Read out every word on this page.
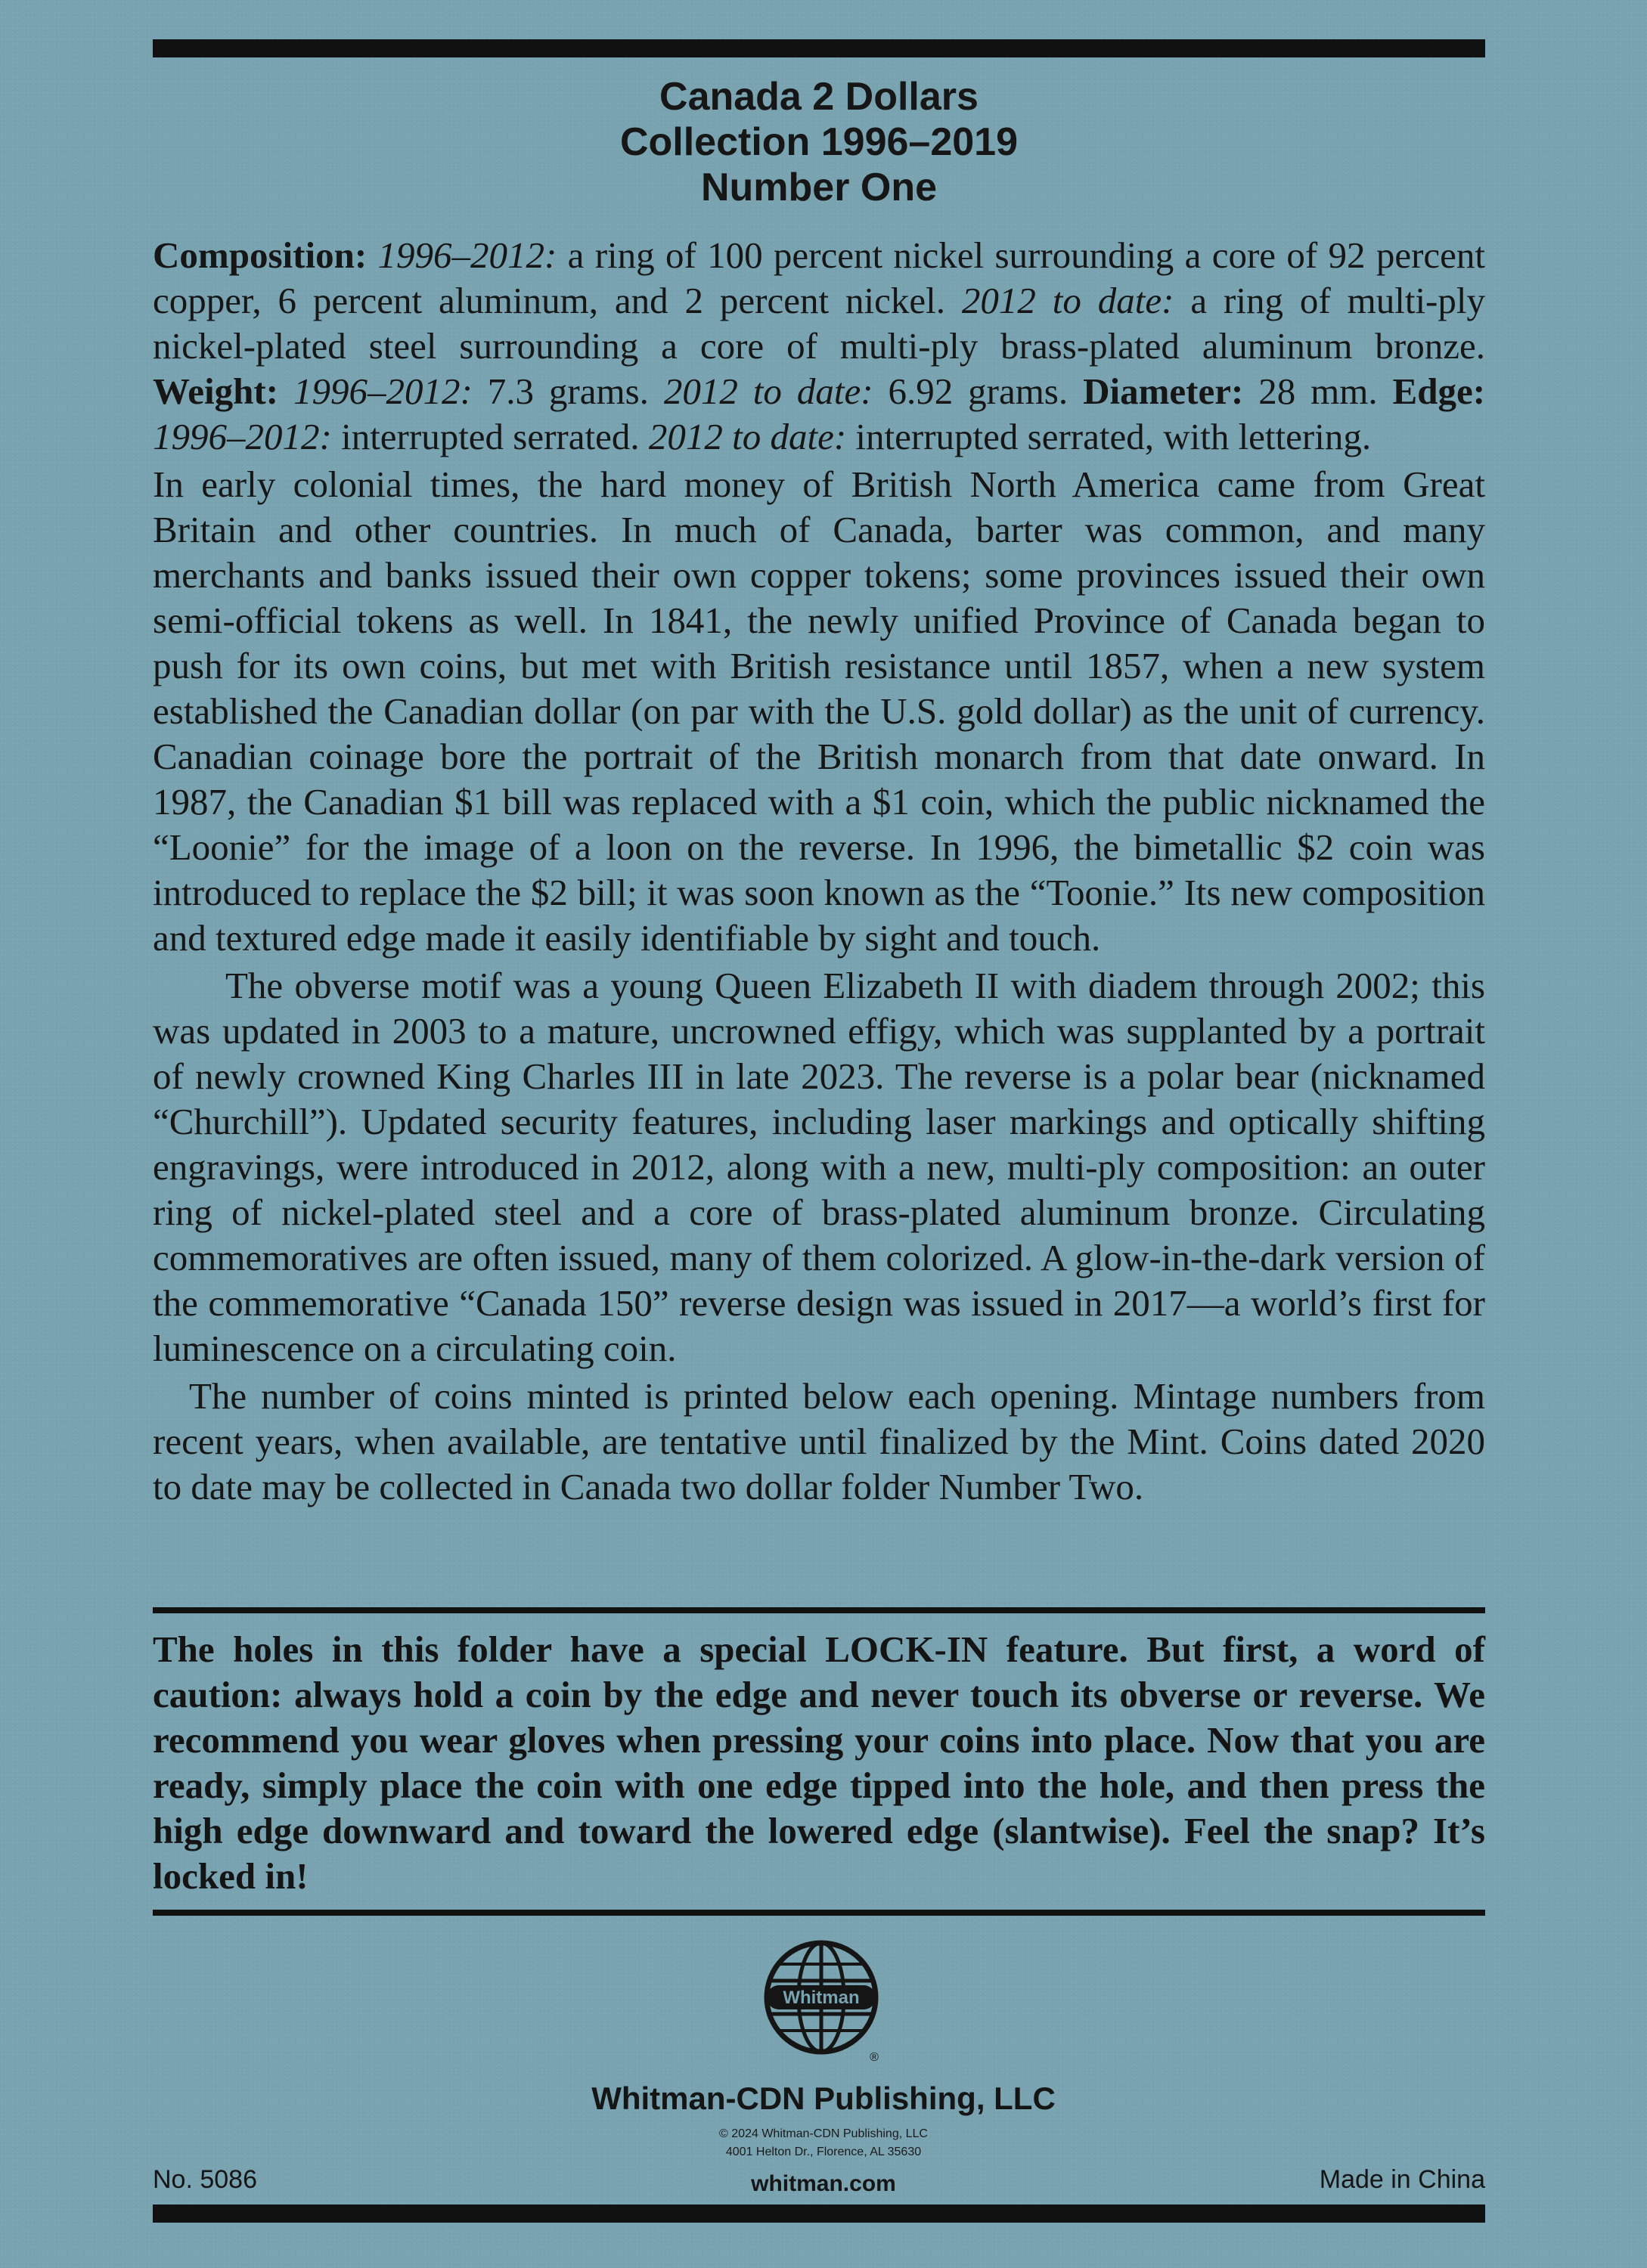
Canada 2 Dollars
Collection 1996–2019
Number One

Composition: 1996–2012: a ring of 100 percent nickel surrounding a core of 92 percent copper, 6 percent aluminum, and 2 percent nickel. 2012 to date: a ring of multi-ply nickel-plated steel surrounding a core of multi-ply brass-plated aluminum bronze. Weight: 1996–2012: 7.3 grams. 2012 to date: 6.92 grams. Diameter: 28 mm. Edge: 1996–2012: interrupted serrated. 2012 to date: interrupted serrated, with lettering.

In early colonial times, the hard money of British North America came from Great Britain and other countries. In much of Canada, barter was common, and many merchants and banks issued their own copper tokens; some provinces issued their own semi-official tokens as well. In 1841, the newly unified Province of Canada began to push for its own coins, but met with British resistance until 1857, when a new system established the Canadian dollar (on par with the U.S. gold dollar) as the unit of currency. Canadian coinage bore the portrait of the British monarch from that date onward. In 1987, the Canadian $1 bill was replaced with a $1 coin, which the public nicknamed the “Loonie” for the image of a loon on the reverse. In 1996, the bimetallic $2 coin was introduced to replace the $2 bill; it was soon known as the “Toonie.” Its new composition and textured edge made it easily identifiable by sight and touch.

The obverse motif was a young Queen Elizabeth II with diadem through 2002; this was updated in 2003 to a mature, uncrowned effigy, which was supplanted by a portrait of newly crowned King Charles III in late 2023. The reverse is a polar bear (nicknamed “Churchill”). Updated security features, including laser markings and optically shifting engravings, were introduced in 2012, along with a new, multi-ply composition: an outer ring of nickel-plated steel and a core of brass-plated aluminum bronze. Circulating commemoratives are often issued, many of them colorized. A glow-in-the-dark version of the commemorative “Canada 150” reverse design was issued in 2017—a world’s first for luminescence on a circulating coin.

The number of coins minted is printed below each opening. Mintage numbers from recent years, when available, are tentative until finalized by the Mint. Coins dated 2020 to date may be collected in Canada two dollar folder Number Two.

The holes in this folder have a special LOCK-IN feature. But first, a word of caution: always hold a coin by the edge and never touch its obverse or reverse. We recommend you wear gloves when pressing your coins into place. Now that you are ready, simply place the coin with one edge tipped into the hole, and then press the high edge downward and toward the lowered edge (slantwise). Feel the snap? It’s locked in!
Whitman
®
Whitman-CDN Publishing, LLC
© 2024 Whitman-CDN Publishing, LLC
4001 Helton Dr., Florence, AL 35630
whitman.com
No. 5086	Made in China
